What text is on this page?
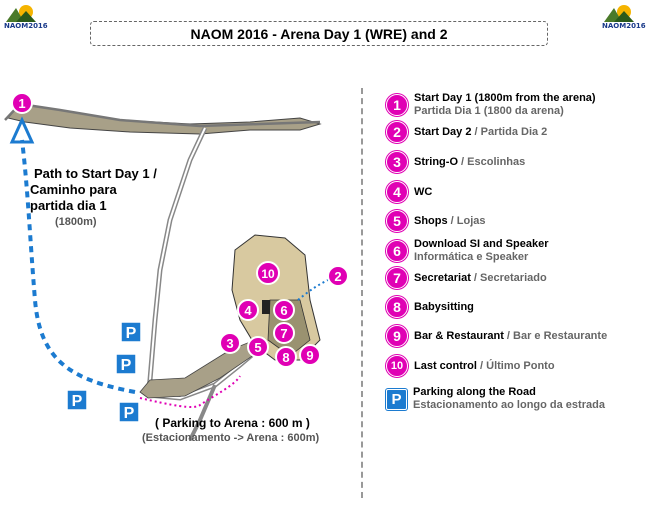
NAOM2016	NAOM2016
NAOM 2016 - Arena Day 1 (WRE) and 2
1
2
3
4
5
6
7
8 9
10
P
P
P
P
Path to Start Day 1 /
Caminho para
partida dia 1
(1800m)
( Parking to Arena : 600 m )
(Estacionamento -> Arena : 600m)
1	Start Day 1 (1800m from the arena)
Partida Dia 1 (1800 da arena)
2	Start Day 2 / Partida Dia 2
3	String-O / Escolinhas
4	WC
5	Shops / Lojas
6	Download SI and Speaker
Informática e Speaker
7	Secretariat / Secretariado
8	Babysitting
9	Bar & Restaurant / Bar e Restaurante
10 Last control / Último Ponto
P	Parking along the Road
Estacionamento ao longo da estrada
